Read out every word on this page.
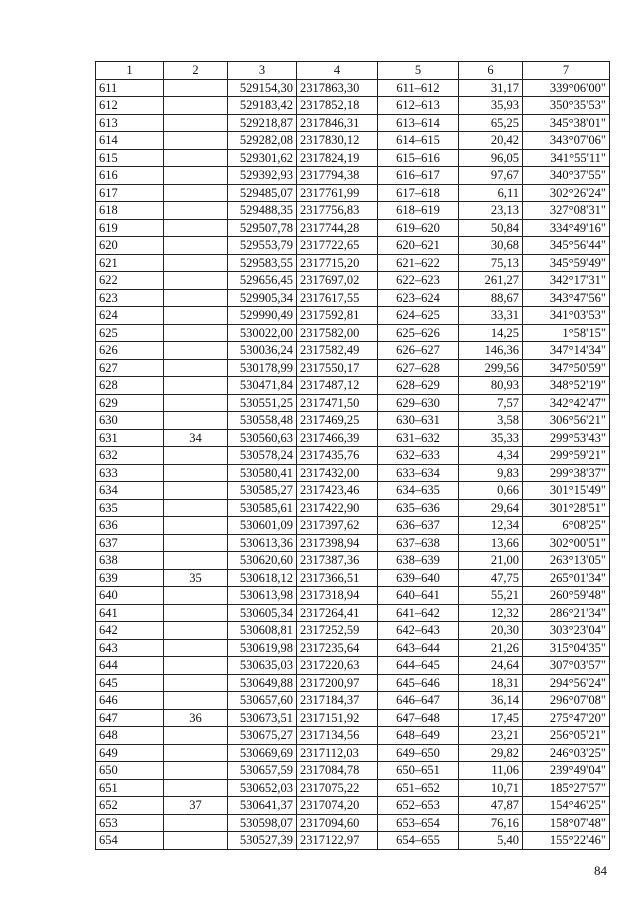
1	2	3	4	5	6	7
611		529154,30	2317863,30	611–612	31,17	339°06'00"
612		529183,42	2317852,18	612–613	35,93	350°35'53"
613		529218,87	2317846,31	613–614	65,25	345°38'01"
614		529282,08	2317830,12	614–615	20,42	343°07'06"
615		529301,62	2317824,19	615–616	96,05	341°55'11"
616		529392,93	2317794,38	616–617	97,67	340°37'55"
617		529485,07	2317761,99	617–618	6,11	302°26'24"
618		529488,35	2317756,83	618–619	23,13	327°08'31"
619		529507,78	2317744,28	619–620	50,84	334°49'16"
620		529553,79	2317722,65	620–621	30,68	345°56'44"
621		529583,55	2317715,20	621–622	75,13	345°59'49"
622		529656,45	2317697,02	622–623	261,27	342°17'31"
623		529905,34	2317617,55	623–624	88,67	343°47'56"
624		529990,49	2317592,81	624–625	33,31	341°03'53"
625		530022,00	2317582,00	625–626	14,25	1°58'15"
626		530036,24	2317582,49	626–627	146,36	347°14'34"
627		530178,99	2317550,17	627–628	299,56	347°50'59"
628		530471,84	2317487,12	628–629	80,93	348°52'19"
629		530551,25	2317471,50	629–630	7,57	342°42'47"
630		530558,48	2317469,25	630–631	3,58	306°56'21"
631	34	530560,63	2317466,39	631–632	35,33	299°53'43"
632		530578,24	2317435,76	632–633	4,34	299°59'21"
633		530580,41	2317432,00	633–634	9,83	299°38'37"
634		530585,27	2317423,46	634–635	0,66	301°15'49"
635		530585,61	2317422,90	635–636	29,64	301°28'51"
636		530601,09	2317397,62	636–637	12,34	6°08'25"
637		530613,36	2317398,94	637–638	13,66	302°00'51"
638		530620,60	2317387,36	638–639	21,00	263°13'05"
639	35	530618,12	2317366,51	639–640	47,75	265°01'34"
640		530613,98	2317318,94	640–641	55,21	260°59'48"
641		530605,34	2317264,41	641–642	12,32	286°21'34"
642		530608,81	2317252,59	642–643	20,30	303°23'04"
643		530619,98	2317235,64	643–644	21,26	315°04'35"
644		530635,03	2317220,63	644–645	24,64	307°03'57"
645		530649,88	2317200,97	645–646	18,31	294°56'24"
646		530657,60	2317184,37	646–647	36,14	296°07'08"
647	36	530673,51	2317151,92	647–648	17,45	275°47'20"
648		530675,27	2317134,56	648–649	23,21	256°05'21"
649		530669,69	2317112,03	649–650	29,82	246°03'25"
650		530657,59	2317084,78	650–651	11,06	239°49'04"
651		530652,03	2317075,22	651–652	10,71	185°27'57"
652	37	530641,37	2317074,20	652–653	47,87	154°46'25"
653		530598,07	2317094,60	653–654	76,16	158°07'48"
654		530527,39	2317122,97	654–655	5,40	155°22'46"
84
